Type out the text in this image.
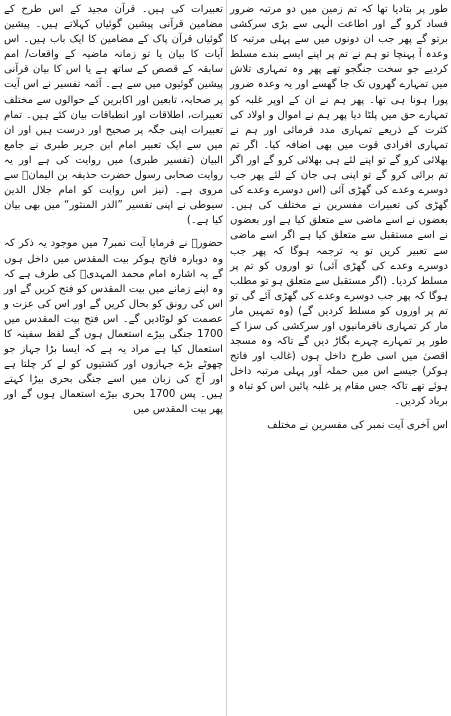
طور پر بتادیا تھا کہ تم زمین میں دو مرتبہ ضرور فساد کرو گے اور اطاعت الٰہی سے بڑی سرکشی برتو گے پھر جب ان دونوں میں سے پہلی مرتبہ کا وعدہ آ پہنچا تو ہم نے تم پر اپنے ایسے بندے مسلط کردیے جو سخت جنگجو تھے پھر وہ تمہاری تلاش میں تمہارے گھروں تک جا گھسے اور یہ وعدہ ضرور پورا ہونا ہی تھا۔ پھر ہم نے ان کے اوپر غلبہ کو تمہارے حق میں پلٹا دیا پھر ہم نے اموال و اولاد کی کثرت کے ذریعے تمہاری مدد فرمائی اور ہم نے تمہاری افرادی قوت میں بھی اضافہ کیا۔ اگر تم بھلائی کرو گے تو اپنے لئے ہی بھلائی کرو گے اور اگر تم برائی کرو گے تو اپنی ہی جان کے لئے پھر جب دوسرے وعدے کی گھڑی آئی (اس دوسرے وعدے کی گھڑی کی تعبیرات مفسرین نے مختلف کی ہیں۔ بعضوں نے اسے ماضی سے متعلق کیا ہے اور بعضوں نے اسے مستقبل سے متعلق کیا ہے اگر اسے ماضی سے تعبیر کریں تو یہ ترجمہ ہوگا کہ پھر جب دوسرے وعدے کی گھڑی آئی) تو اوروں کو تم پر مسلط کردیا۔ (اگر مستقبل سے متعلق ہو تو مطلب ہوگا کہ پھر جب دوسرے وعدے کی گھڑی آئے گی تو تم پر اوروں کو مسلط کردیں گے) (وہ تمہیں مار مار کر تمہاری نافرمانیوں اور سرکشی کی سزا کے طور پر تمہارے چہرے بگاڑ دیں گے تاکہ وہ مسجد اقصیٰ میں اسی طرح داخل ہوں (غالب اور فاتح ہوکر) جیسے اس میں حملہ آور پہلی مرتبہ داخل ہوئے تھے تاکہ جس مقام پر غلبہ پائیں اس کو تباہ و برباد کردیں۔

اس آخری آیت نمبر کی مفسرین نے مختلف

تعبیرات کی ہیں۔ قرآن مجید کے اس طرح کے مضامین قرآنی پیشین گوئیاں کہلاتے ہیں۔ پیشین گوئیاں قرآن پاک کے مضامین کا ایک باب ہیں۔ اس آیات کا بیان یا تو زمانہ ماضیہ کے واقعات/ امم سابقہ کے قصص کے ساتھ ہے یا اس کا بیان قرآنی پیشین گوئیوں میں سے ہے۔ آئمہ تفسیر نے اس آیت پر صحابہ، تابعین اور اکابرین کے حوالوں سے مختلف تعبیرات، اطلاقات اور انطباقات بیان کئے ہیں۔ تمام تعبیرات اپنی جگہ پر صحیح اور درست ہیں اور ان میں سے ایک تعبیر امام ابن جریر طبری نے جامع البیان (تفسیر طبری) میں روایت کی ہے اور یہ روایت صحابی رسول حضرت حذیفہ بن الیمانؓ سے مروی ہے۔ (نیز اس روایت کو امام جلال الدین سیوطی نے اپنی تفسیر ”الدر المنثور“ میں بھی بیان کیا ہے۔)

حضورؐ نے فرمایا آیت نمبر7 میں موجود یہ ذکر کہ وہ دوبارہ فاتح ہوکر بیت المقدس میں داخل ہوں گے یہ اشارہ امام محمد المہدیؑ کی طرف ہے کہ وہ اپنے زمانے میں بیت المقدس کو فتح کریں گے اور اس کی رونق کو بحال کریں گے اور اس کی عزت و عصمت کو لوٹادیں گے۔ اس فتح بیت المقدس میں 1700 جنگی بیڑے استعمال ہوں گے لفظ سفینہ کا استعمال کیا ہے مراد یہ ہے کہ ایسا بڑا جہاز جو چھوٹے بڑے جہازوں اور کشتیوں کو لے کر چلتا ہے اور آج کی زبان میں اسے جنگی بحری بیڑا کہتے ہیں۔ پس 1700 بحری بیڑے استعمال ہوں گے اور پھر بیت المقدس میں
